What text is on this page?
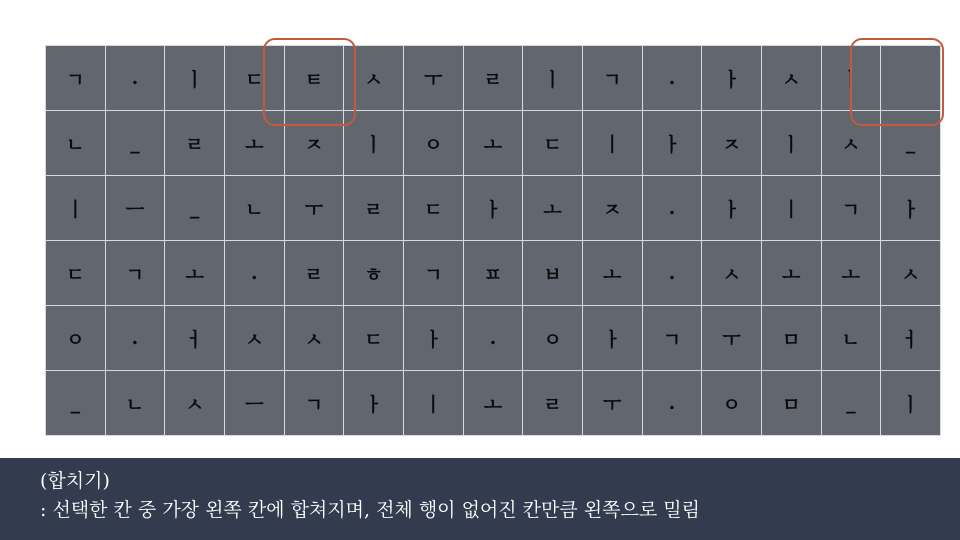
ㄱ	.	ㅣ	ㄷ	ㅌ	ㅅ	ㅜ	ㄹ	ㅣ	ㄱ	.	ㅏ	ㅅ	ㅣ	
ㄴ	_	ㄹ	ㅗ	ㅈ	ㅣ	ㅇ	ㅗ	ㄷ	|	ㅏ	ㅈ	ㅣ	ㅅ	_
|	ㅡ	_	ㄴ	ㅜ	ㄹ	ㄷ	ㅏ	ㅗ	ㅈ	.	ㅏ	|	ㄱ	ㅏ
ㄷ	ㄱ	ㅗ	.	ㄹ	ㅎ	ㄱ	ㅍ	ㅂ	ㅗ	.	ㅅ	ㅗ	ㅗ	ㅅ
ㅇ	.	ㅓ	ㅅ	ㅅ	ㄷ	ㅏ	.	ㅇ	ㅏ	ㄱ	ㅜ	ㅁ	ㄴ	ㅓ
_	ㄴ	ㅅ	ㅡ	ㄱ	ㅏ	|	ㅗ	ㄹ	ㅜ	.	ㅇ	ㅁ	_	ㅣ

(합치기)

: 선택한 칸 중 가장 왼쪽 칸에 합쳐지며, 전체 행이 없어진 칸만큼 왼쪽으로 밀림
